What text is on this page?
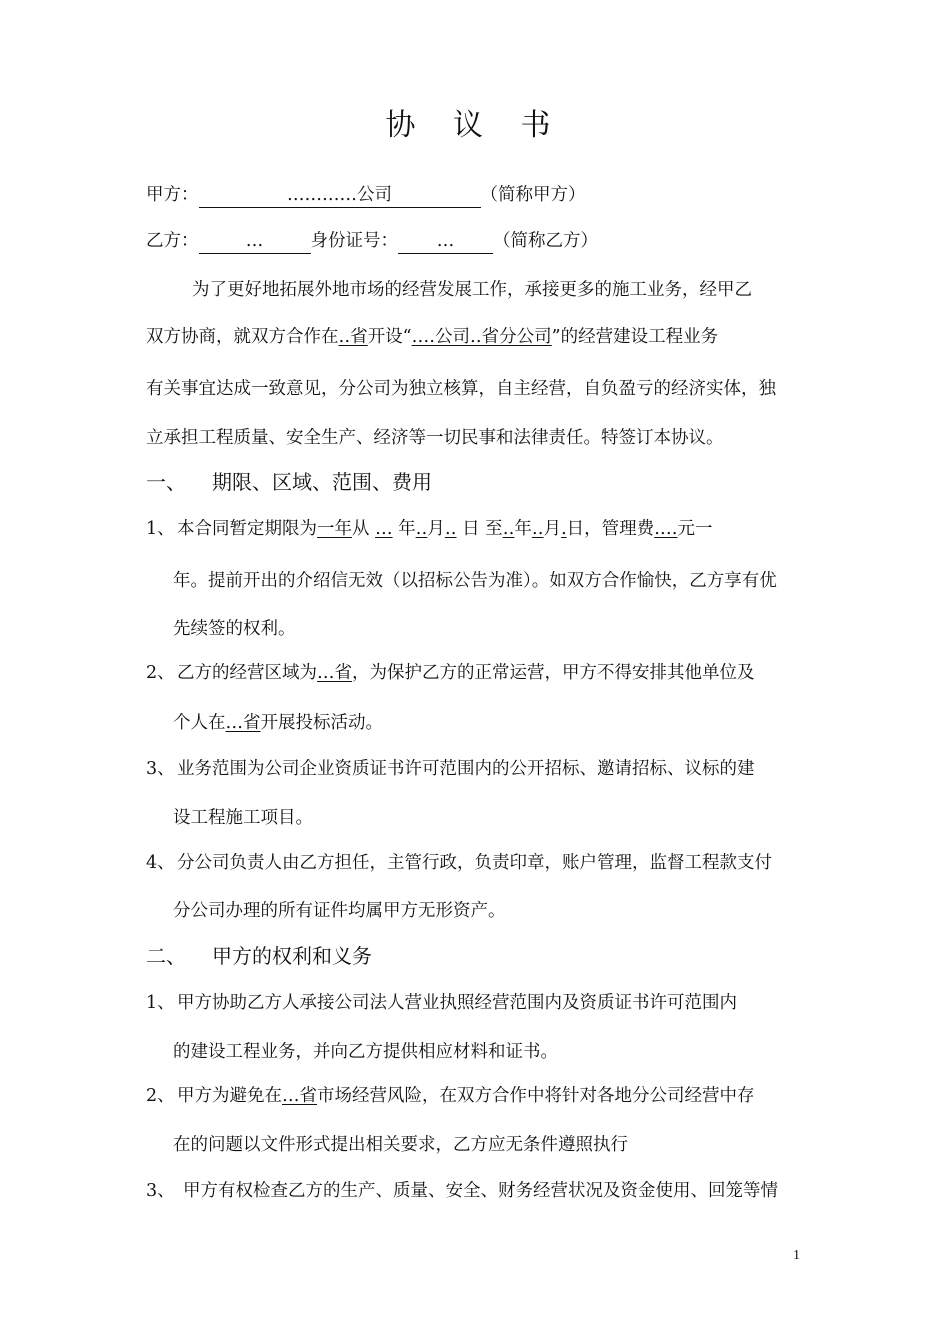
协 议 书
甲方：	…………公司	（简称甲方）
乙方：	…	身份证号： … （简称乙方）
为了更好地拓展外地市场的经营发展工作，承接更多的施工业务，经甲乙
双方协商，就双方合作在‥省开设“‥‥公司‥省分公司”的经营建设工程业务
有关事宜达成一致意见，分公司为独立核算，自主经营，自负盈亏的经济实体，独
立承担工程质量、安全生产、经济等一切民事和法律责任。特签订本协议。
一、 期限、区域、范围、费用
1、 本合同暂定期限为一年从 … 年‥月‥ 日 至‥年‥月.日，管理费‥‥元一
年。提前开出的介绍信无效（以招标公告为准）。如双方合作愉快，乙方享有优
先续签的权利。
2、 乙方的经营区域为…省，为保护乙方的正常运营，甲方不得安排其他单位及
个人在…省开展投标活动。
3、 业务范围为公司企业资质证书许可范围内的公开招标、邀请招标、议标的建
设工程施工项目。
4、 分公司负责人由乙方担任，主管行政，负责印章，账户管理，监督工程款支付
分公司办理的所有证件均属甲方无形资产。
二、 甲方的权利和义务
1、 甲方协助乙方人承接公司法人营业执照经营范围内及资质证书许可范围内
的建设工程业务，并向乙方提供相应材料和证书。
2、 甲方为避免在…省市场经营风险，在双方合作中将针对各地分公司经营中存
在的问题以文件形式提出相关要求，乙方应无条件遵照执行
3、 甲方有权检查乙方的生产、质量、安全、财务经营状况及资金使用、回笼等情
1
